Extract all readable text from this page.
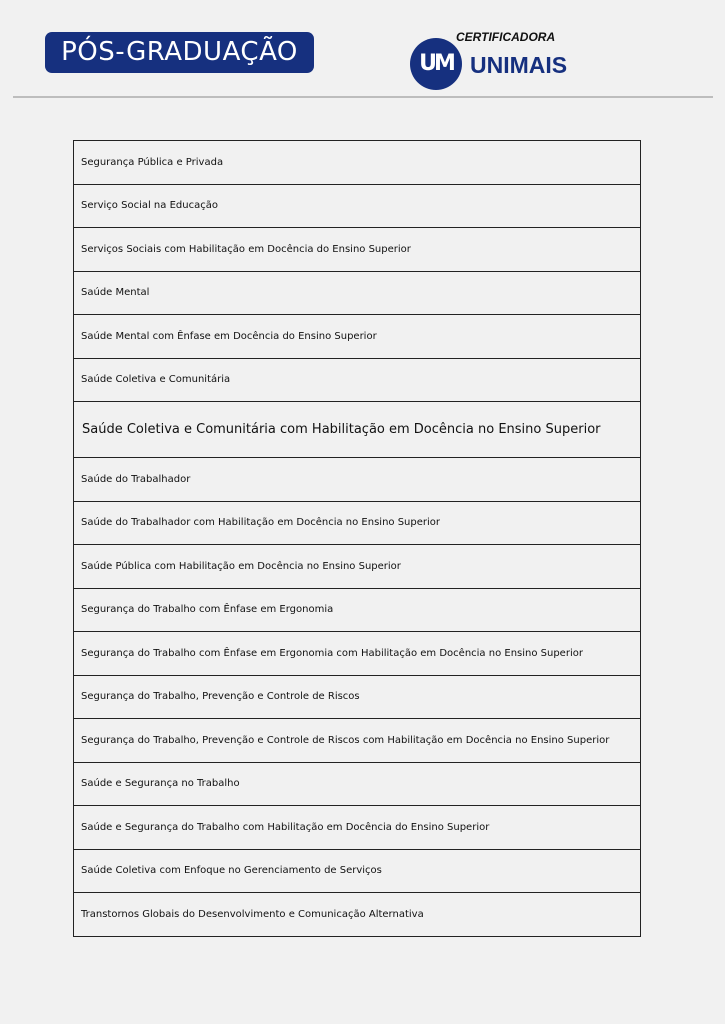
PÓS-GRADUAÇÃO	UM
CERTIFICADORA
UNIMAIS
Segurança Pública e Privada
Serviço Social na Educação
Serviços Sociais com Habilitação em Docência do Ensino Superior
Saúde Mental
Saúde Mental com Ênfase em Docência do Ensino Superior
Saúde Coletiva e Comunitária
Saúde Coletiva e Comunitária com Habilitação em Docência no Ensino Superior
Saúde do Trabalhador
Saúde do Trabalhador com Habilitação em Docência no Ensino Superior
Saúde Pública com Habilitação em Docência no Ensino Superior
Segurança do Trabalho com Ênfase em Ergonomia
Segurança do Trabalho com Ênfase em Ergonomia com Habilitação em Docência no Ensino Superior
Segurança do Trabalho, Prevenção e Controle de Riscos
Segurança do Trabalho, Prevenção e Controle de Riscos com Habilitação em Docência no Ensino Superior
Saúde e Segurança no Trabalho
Saúde e Segurança do Trabalho com Habilitação em Docência do Ensino Superior
Saúde Coletiva com Enfoque no Gerenciamento de Serviços
Transtornos Globais do Desenvolvimento e Comunicação Alternativa
